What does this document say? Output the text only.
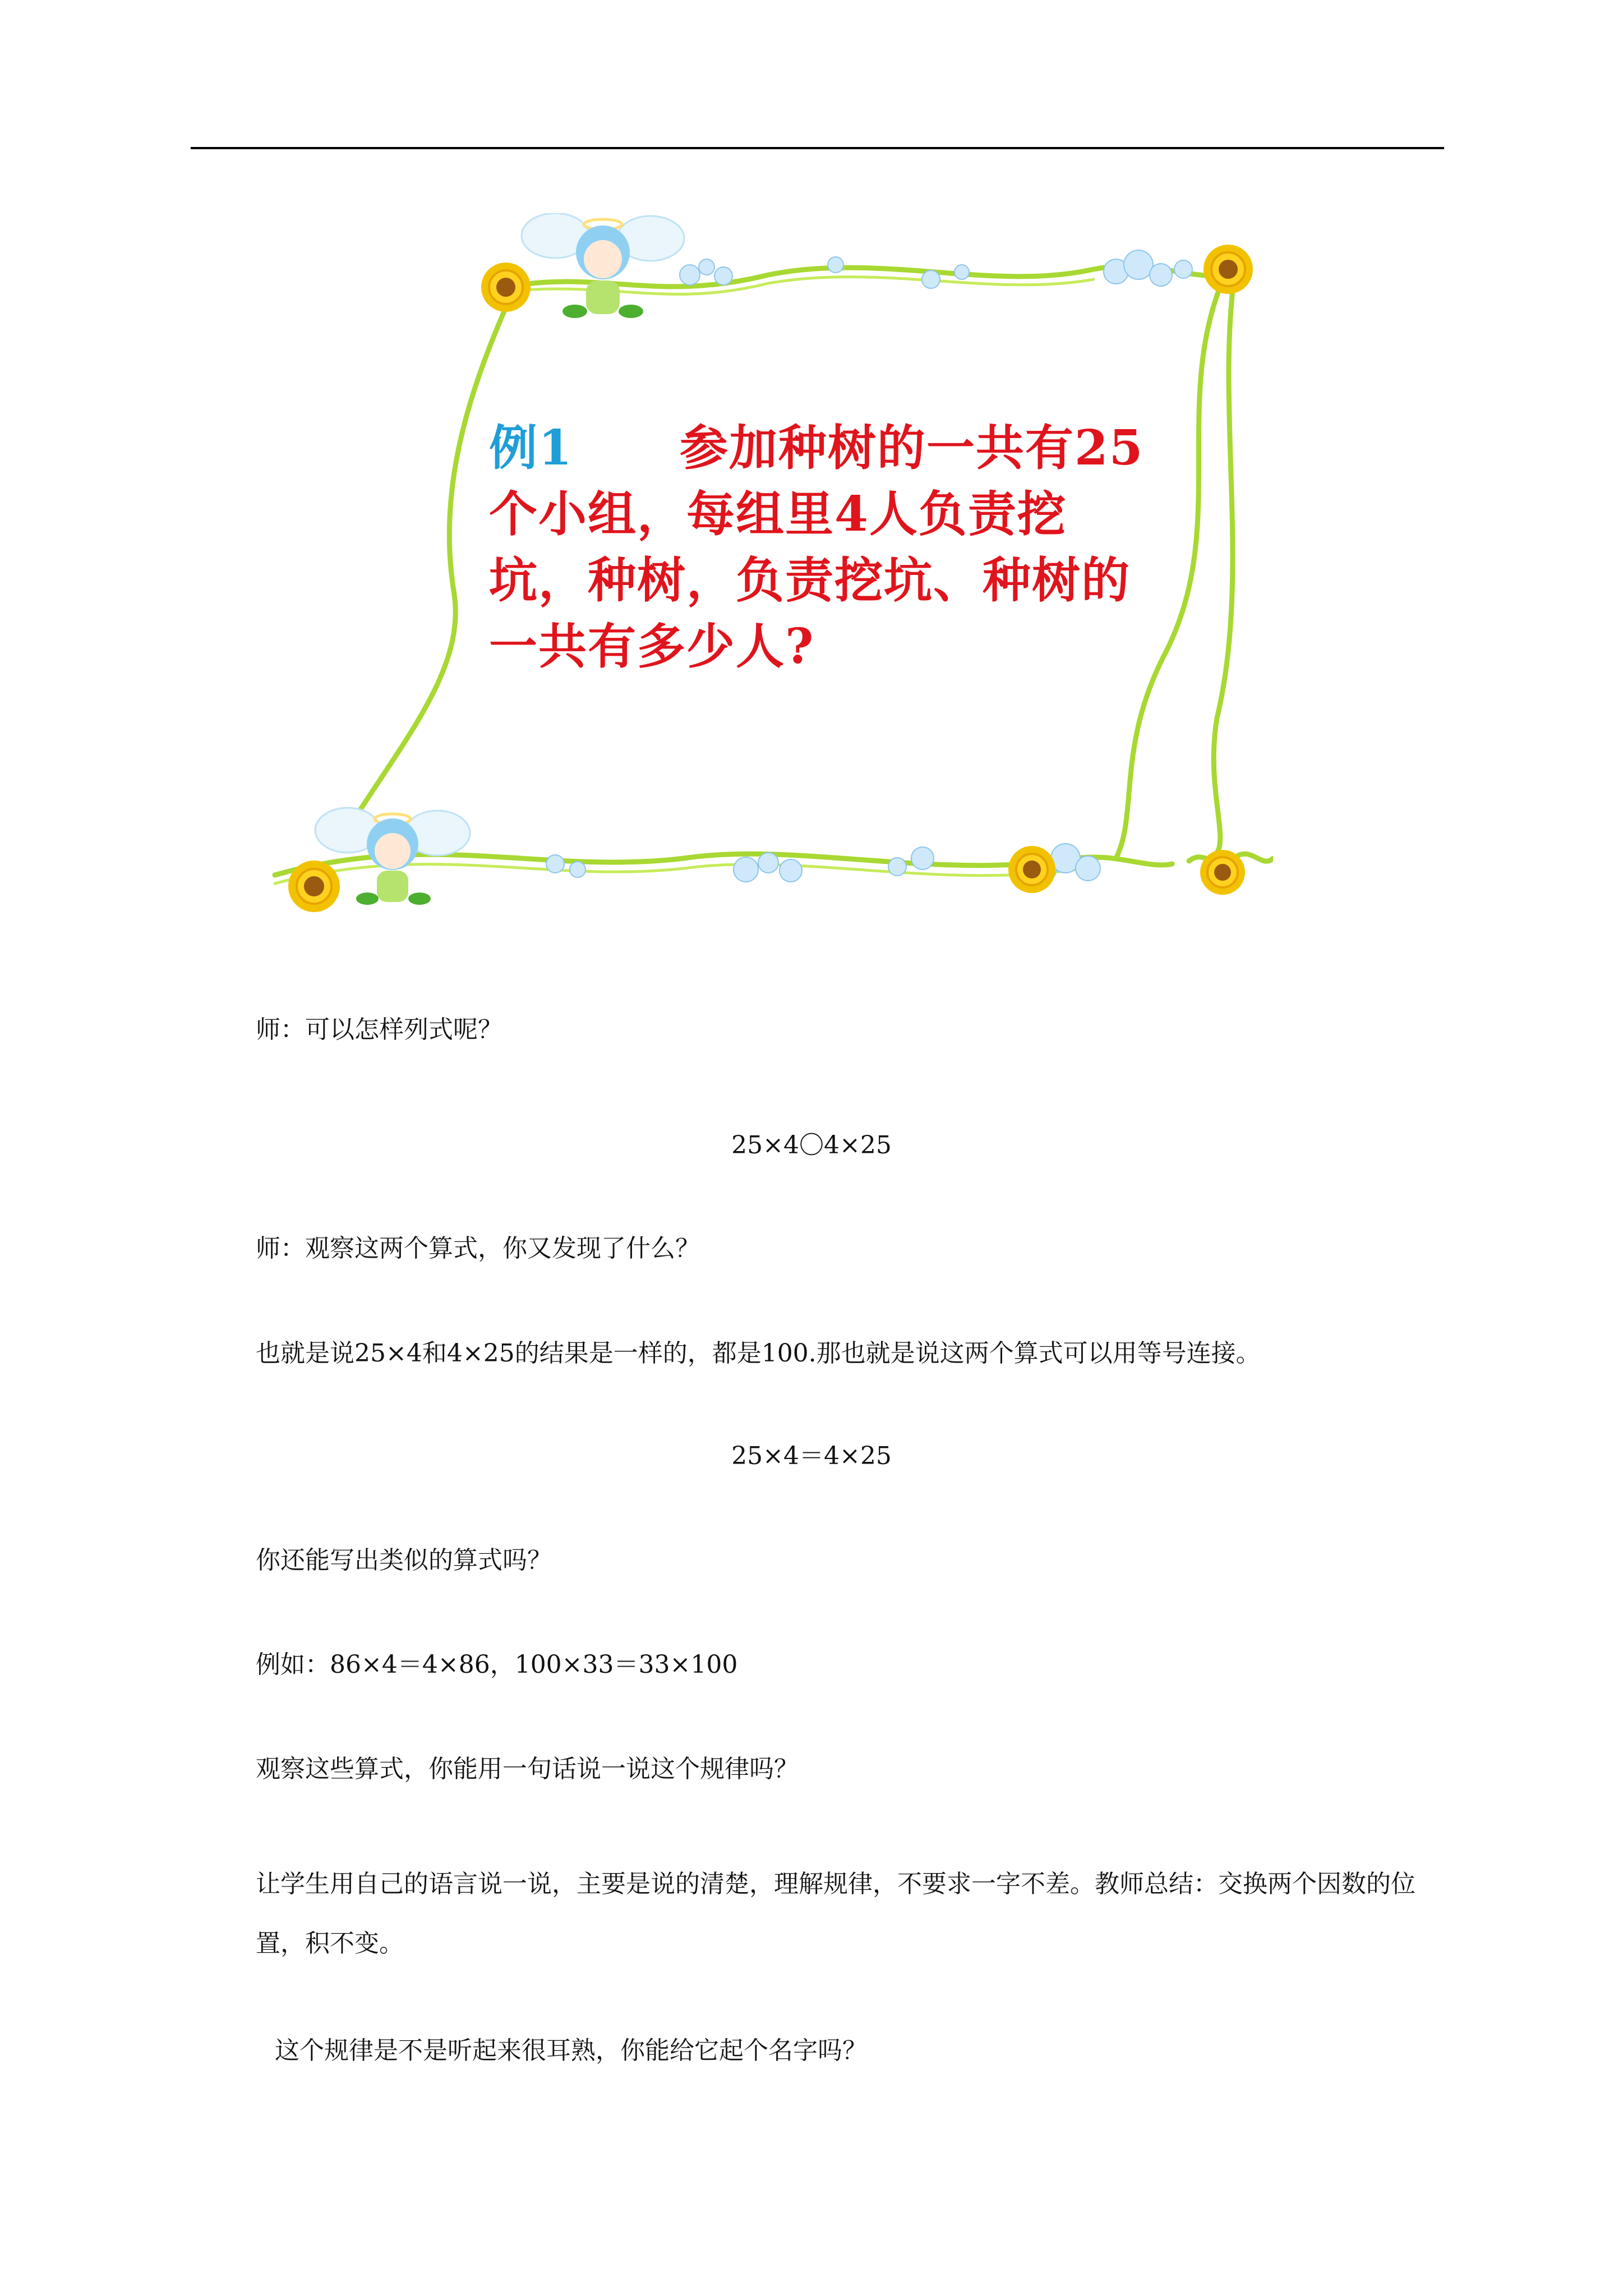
例1 参加种树的一共有25个小组，每组里4人负责挖坑，种树，负责挖坑、种树的一共有多少人?
师：可以怎样列式呢？
25×4〇4×25
师：观察这两个算式，你又发现了什么？
也就是说25×4和4×25的结果是一样的，都是100.那也就是说这两个算式可以用等号连接。
25×4＝4×25
你还能写出类似的算式吗？
例如：86×4＝4×86，100×33＝33×100
观察这些算式，你能用一句话说一说这个规律吗？
让学生用自己的语言说一说，主要是说的清楚，理解规律，不要求一字不差。教师总结：交换两个因数的位置，积不变。
这个规律是不是听起来很耳熟，你能给它起个名字吗？
